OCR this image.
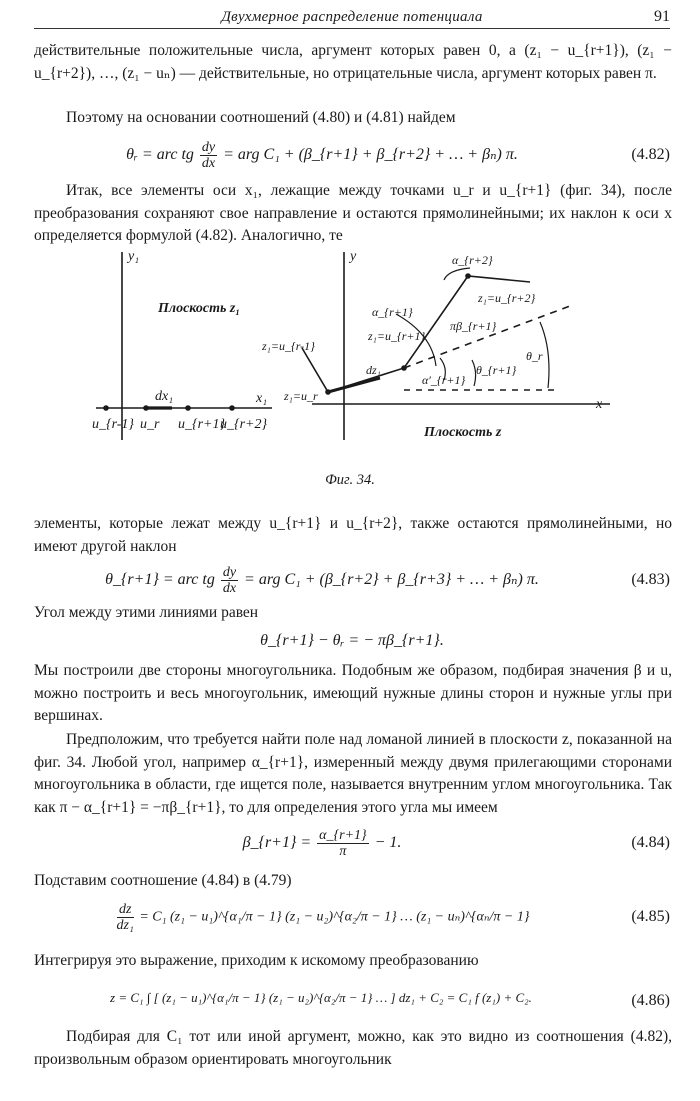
Двухмерное распределение потенциала	91

действительные положительные числа, аргумент которых равен 0, а (z₁ − u_{r+1}), (z₁ − u_{r+2}), …, (z₁ − uₙ) — действительные, но отрицательные числа, аргумент которых равен π.

Поэтому на основании соотношений (4.80) и (4.81) найдем

θᵣ = arc tg $\frac{dy}{dx}$ = arg C₁ + (β_{r+1} + β_{r+2} + … + βₙ) π.	(4.82)

Итак, все элементы оси x₁, лежащие между точками u_r и u_{r+1} (фиг. 34), после преобразования сохраняют свое направление и остаются прямолинейными; их наклон к оси x определяется формулой (4.82). Аналогично, те

y₁
x₁
Плоскость z₁
dx₁
u_{r-1} u_r u_{r+1}
u_{r+2}
y
x
Плоскость z
z₁=u_{r-1}
z₁=u_r
z₁=u_{r+1}
z₁=u_{r+2}
α_{r+1}
α_{r+2}
α′_{r+1}
πβ_{r+1}
θ_{r+1}
θ_r
dz₁
Фиг. 34.

элементы, которые лежат между u_{r+1} и u_{r+2}, также остаются прямолинейными, но имеют другой наклон

θ_{r+1} = arc tg $\frac{dy}{dx}$ = arg C₁ + (β_{r+2} + β_{r+3} + … + βₙ) π.	(4.83)

Угол между этими линиями равен

θ_{r+1} − θᵣ = − πβ_{r+1}.

Мы построили две стороны многоугольника. Подобным же образом, подбирая значения β и u, можно построить и весь многоугольник, имеющий нужные длины сторон и нужные углы при вершинах.

Предположим, что требуется найти поле над ломаной линией в плоскости z, показанной на фиг. 34. Любой угол, например α_{r+1}, измеренный между двумя прилегающими сторонами многоугольника в области, где ищется поле, называется внутренним углом многоугольника. Так как π − α_{r+1} = −πβ_{r+1}, то для определения этого угла мы имеем

β_{r+1} = $\frac{\alpha\_\{r+1\}}{\pi} - 1$.	(4.84)

Подставим соотношение (4.84) в (4.79)

$\frac{dz}{\text{dz₁}} = C_1$ (z₁ − u₁)^{α₁/π − 1} (z₁ − u₂)^{α₂/π − 1} … (z₁ − uₙ)^{αₙ/π − 1}	(4.85)

Интегрируя это выражение, приходим к искомому преобразованию

z = C₁ ∫ [ (z₁ − u₁)^{α₁/π − 1} (z₁ − u₂)^{α₂/π − 1} … ] dz₁ + C₂ = C₁ f (z₁) + C₂.	(4.86)

Подбирая для C₁ тот или иной аргумент, можно, как это видно из соотношения (4.82), произвольным образом ориентировать многоугольник
